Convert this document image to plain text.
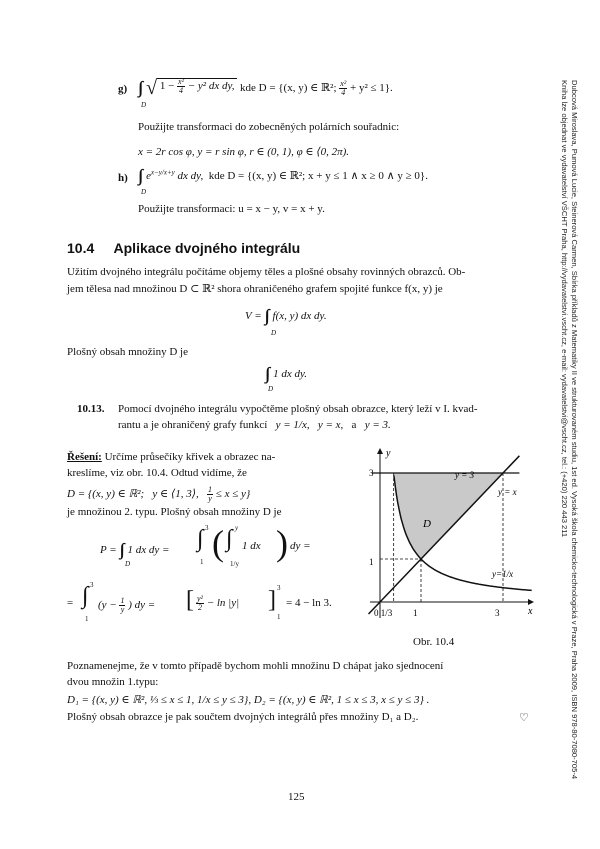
Dubcová Miroslava, Pumová Lucie, Steinerová Carmen, Sbírka příkladů z Matematiky II ve strukturovaném studiu, 1st ed. Vysoká škola chemicko-technologická v Praze, Praha 2009, ISBN 978-80-7080-705-4
Kniha lze objednat ve vydavatelství VŠCHT Praha, http://vydavatelstvi.vscht.cz, e-mail: vydavatelstvi@vscht.cz, tel.: (+420) 220 443 211
g) ∫∫ √ $1 - \frac{\text{x²}}{4} - y^2$ dx dy, kde D = {(x, y) ∈ ℝ²; $\frac{\text{x²}}{4} + y^2 \le 1$}.
D
Použijte transformaci do zobecněných polárních souřadnic:
x = 2r cos φ, y = r sin φ, r ∈ (0, 1), φ ∈ ⟨0, 2π).
h) ∫∫ $e^{x-y/x+y}$ dx dy, kde D = {(x, y) ∈ ℝ²; x + y ≤ 1 ∧ x ≥ 0 ∧ y ≥ 0}.
D
Použijte transformaci: u = x − y, v = x + y.
10.4 Aplikace dvojného integrálu
Užitím dvojného integrálu počítáme objemy těles a plošné obsahy rovinných obrazců. Ob-
jem tělesa nad množinou D ⊂ ℝ² shora ohraničeného grafem spojité funkce f(x, y) je
V = ∫∫ f(x, y) dx dy.
D
Plošný obsah množiny D je
∫∫ 1 dx dy.
D
10.13. Pomocí dvojného integrálu vypočtěme plošný obsah obrazce, který leží v I. kvad-
rantu a je ohraničený grafy funkcí y = 1/x,   y = x,   a y = 3.
Řešení: Určíme průsečíky křivek a obrazec na-
kreslíme, viz obr. 10.4. Odtud vidíme, že
D = {(x, y) ∈ ℝ²; y ∈ ⟨1, 3⟩, $\frac{1}{y} \le x \le y$}
je množinou 2. typu. Plošný obsah množiny D je
P = ∫∫ 1 dx dy =
D
∫ 3
1 ( ∫ y
1/y
1 dx ) dy =
= ∫ 3
1
($y - \frac{1}{y}$ ) dy = [ $\frac{\text{y²}}{2} - \ln |y|$ ] 3
1
= 4 − ln 3.
y
x
y = 3
y = x
y=1/x
D
3
1
0 1/3 1	3
Obr. 10.4
Poznamenejme, že v tomto případě bychom mohli množinu D chápat jako sjednocení
dvou množin 1.typu:
D₁ = {(x, y) ∈ ℝ², ⅓ ≤ x ≤ 1, 1/x ≤ y ≤ 3}, D₂ = {(x, y) ∈ ℝ², 1 ≤ x ≤ 3, x ≤ y ≤ 3} .
Plošný obsah obrazce je pak součtem dvojných integrálů přes množiny D₁ a D₂.	♡
125
